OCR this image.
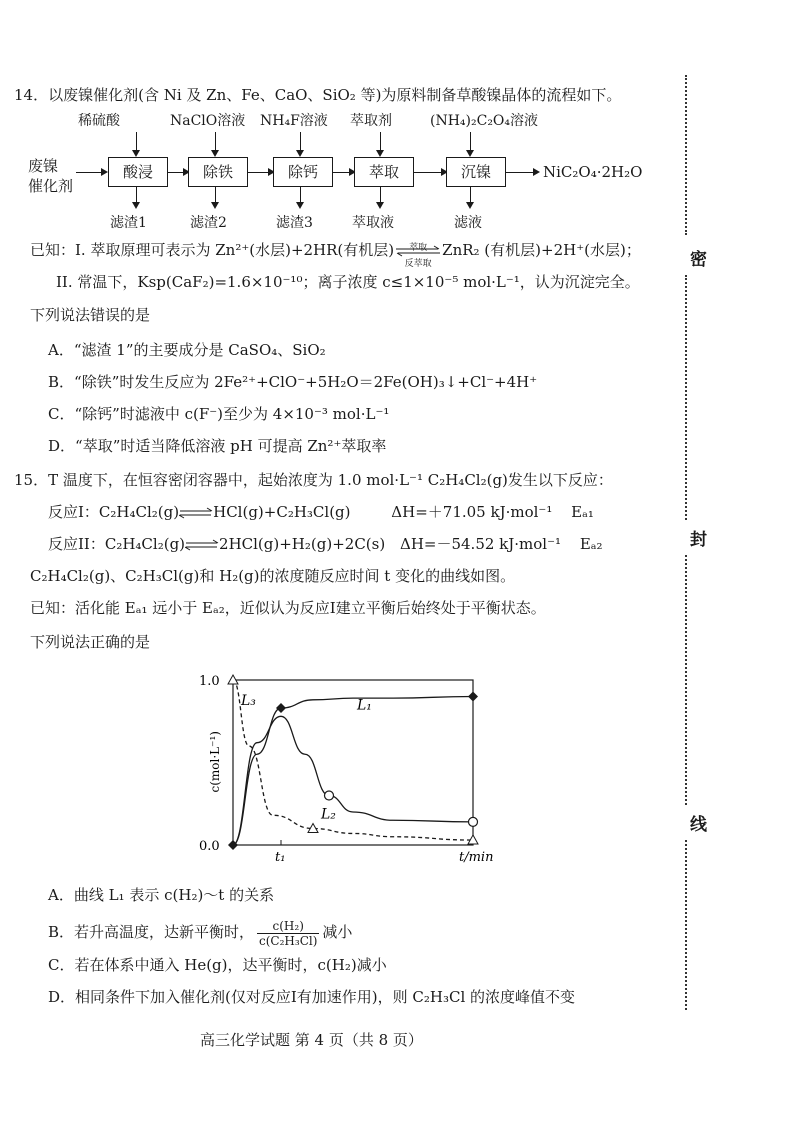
14．以废镍催化剂(含 Ni 及 Zn、Fe、CaO、SiO₂ 等)为原料制备草酸镍晶体的流程如下。
稀硫酸	NaClO溶液 NH₄F溶液 萃取剂	(NH₄)₂C₂O₄溶液
废镍
催化剂
酸浸	除铁	除钙	萃取	沉镍	NiC₂O₄·2H₂O
滤渣1	滤渣2	滤渣3	萃取液	滤液
已知：I. 萃取原理可表示为 Zn²⁺(水层)+2HR(有机层)	萃取
反萃取
ZnR₂ (有机层)+2H⁺(水层)；
II. 常温下，Ksp(CaF₂)=1.6×10⁻¹⁰；离子浓度 c≤1×10⁻⁵ mol·L⁻¹，认为沉淀完全。
下列说法错误的是
A．“滤渣 1”的主要成分是 CaSO₄、SiO₂
B．“除铁”时发生反应为 2Fe²⁺+ClO⁻+5H₂O＝2Fe(OH)₃↓+Cl⁻+4H⁺
C．“除钙”时滤液中 c(F⁻)至少为 4×10⁻³ mol·L⁻¹
D．“萃取”时适当降低溶液 pH 可提高 Zn²⁺萃取率
15．T 温度下，在恒容密闭容器中，起始浓度为 1.0 mol·L⁻¹ C₂H₄Cl₂(g)发生以下反应：
反应I：C₂H₄Cl₂(g)⇌HCl(g)+C₂H₃Cl(g)	ΔH=＋71.05 kJ·mol⁻¹ Eₐ₁
反应II：C₂H₄Cl₂(g)⇌2HCl(g)+H₂(g)+2C(s) ΔH=－54.52 kJ·mol⁻¹ Eₐ₂
C₂H₄Cl₂(g)、C₂H₃Cl(g)和 H₂(g)的浓度随反应时间 t 变化的曲线如图。
已知：活化能 Eₐ₁ 远小于 Eₐ₂，近似认为反应I建立平衡后始终处于平衡状态。
下列说法正确的是
1.0
0.0
c(mol·L⁻¹)
t₁	t/min
L₁
L₂
L₃
A．曲线 L₁ 表示 c(H₂)～t 的关系
B．若升高温度，达新平衡时， $\frac{\text{c(H₂)}}{\text{c(C₂H₃Cl)}}$ 减小
C．若在体系中通入 He(g)，达平衡时，c(H₂)减小
D．相同条件下加入催化剂(仅对反应I有加速作用)，则 C₂H₃Cl 的浓度峰值不变
高三化学试题 第 4 页（共 8 页）
密
封
线
